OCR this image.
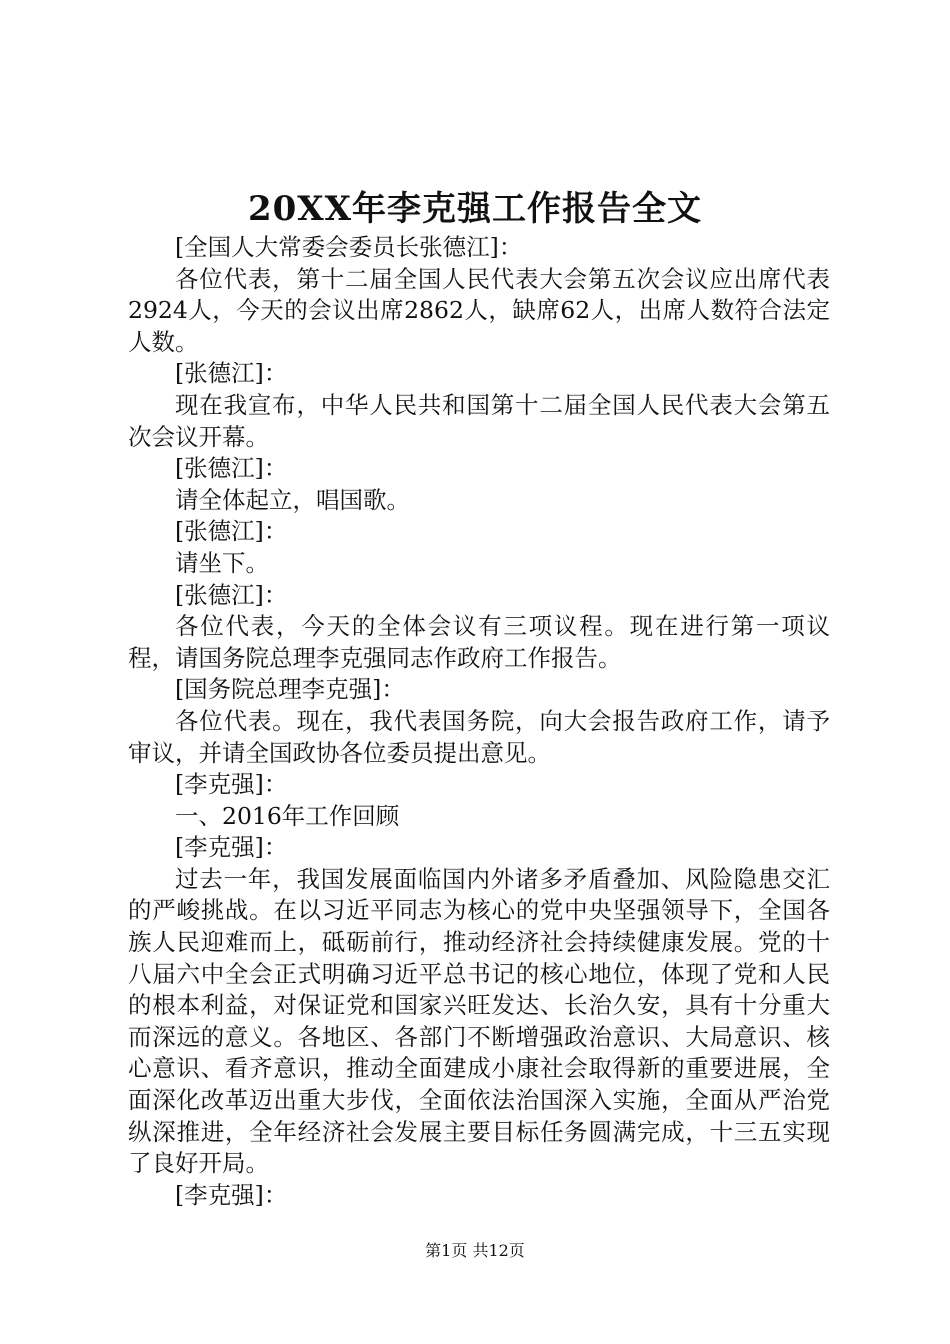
20XX年李克强工作报告全文

[全国人大常委会委员长张德江]：

各位代表，第十二届全国人民代表大会第五次会议应出席代表2924人，今天的会议出席2862人，缺席62人，出席人数符合法定人数。

[张德江]：

现在我宣布，中华人民共和国第十二届全国人民代表大会第五次会议开幕。

[张德江]：

请全体起立，唱国歌。

[张德江]：

请坐下。

[张德江]：

各位代表，今天的全体会议有三项议程。现在进行第一项议程，请国务院总理李克强同志作政府工作报告。

[国务院总理李克强]：

各位代表。现在，我代表国务院，向大会报告政府工作，请予审议，并请全国政协各位委员提出意见。

[李克强]：

一、2016年工作回顾

[李克强]：

过去一年，我国发展面临国内外诸多矛盾叠加、风险隐患交汇的严峻挑战。在以习近平同志为核心的党中央坚强领导下，全国各族人民迎难而上，砥砺前行，推动经济社会持续健康发展。党的十八届六中全会正式明确习近平总书记的核心地位，体现了党和人民的根本利益，对保证党和国家兴旺发达、长治久安，具有十分重大而深远的意义。各地区、各部门不断增强政治意识、大局意识、核心意识、看齐意识，推动全面建成小康社会取得新的重要进展，全面深化改革迈出重大步伐，全面依法治国深入实施，全面从严治党纵深推进，全年经济社会发展主要目标任务圆满完成，十三五实现了良好开局。

[李克强]：

第1页 共12页
